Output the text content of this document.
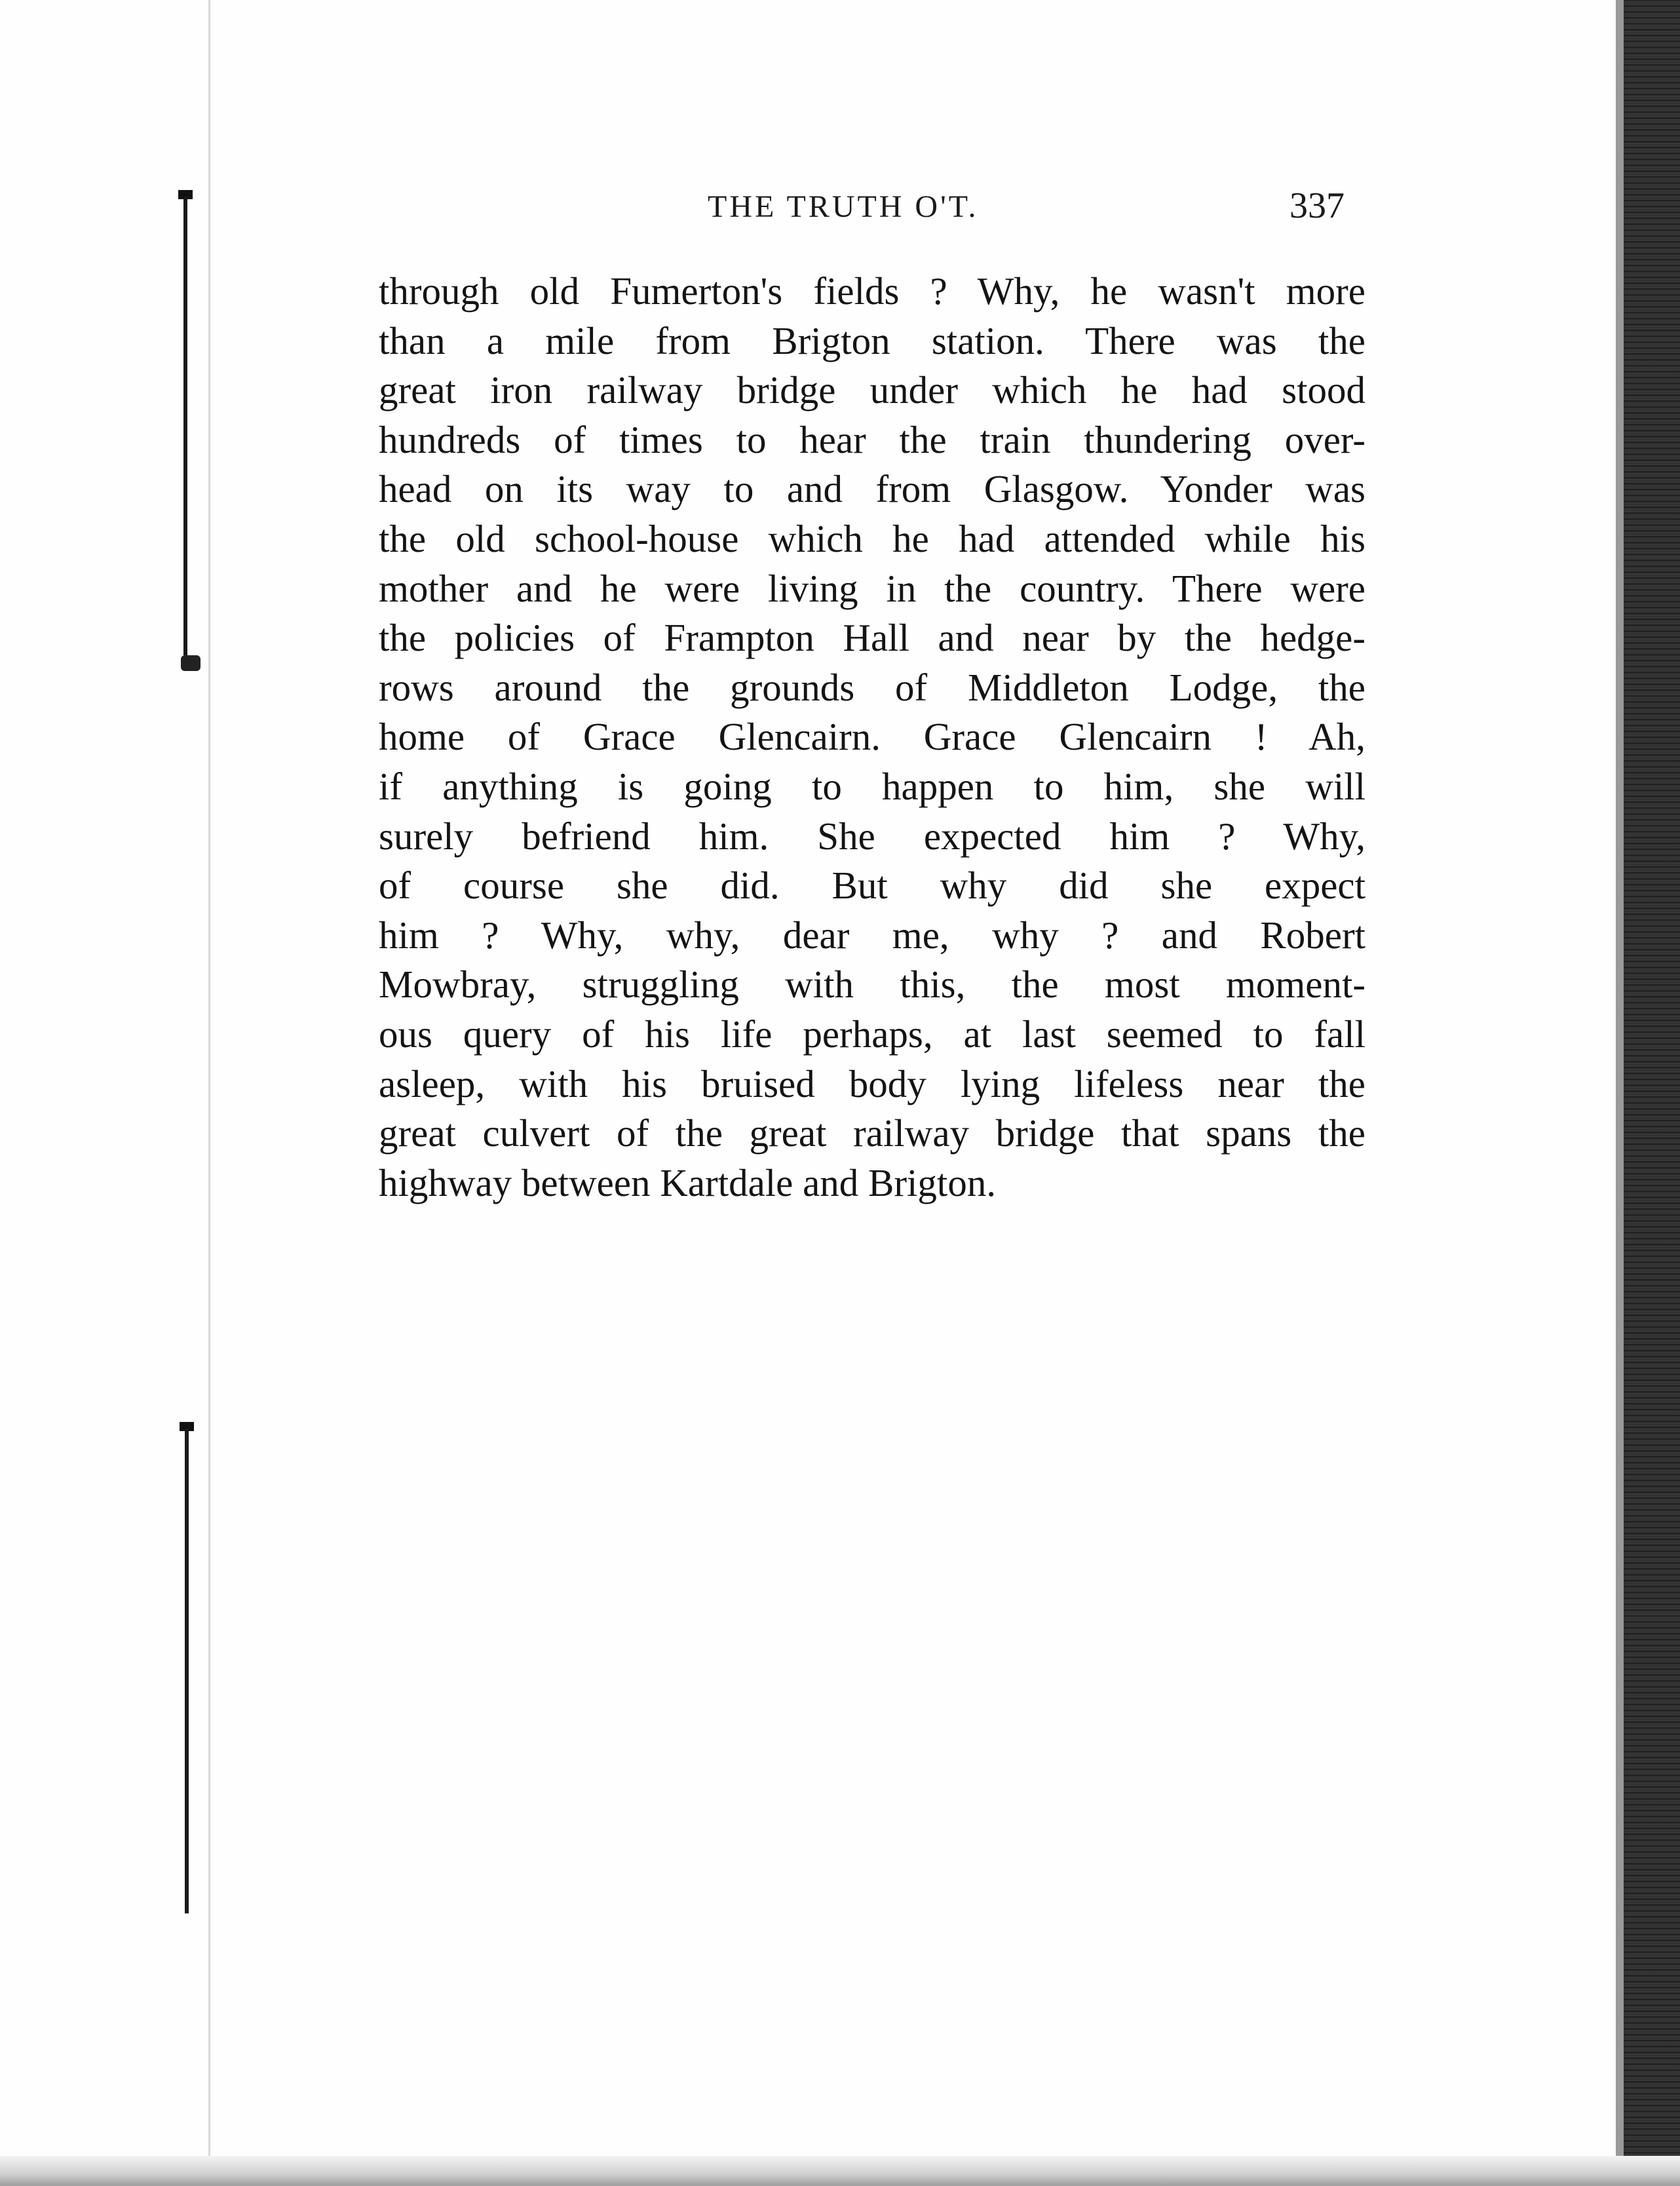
THE TRUTH O'T.	337
through old Fumerton's fields ? Why, he wasn't more
than a mile from Brigton station. There was the
great iron railway bridge under which he had stood
hundreds of times to hear the train thundering over-
head on its way to and from Glasgow. Yonder was
the old school-house which he had attended while his
mother and he were living in the country. There were
the policies of Frampton Hall and near by the hedge-
rows around the grounds of Middleton Lodge, the
home of Grace Glencairn. Grace Glencairn ! Ah,
if anything is going to happen to him, she will
surely befriend him. She expected him ? Why,
of course she did. But why did she expect
him ? Why, why, dear me, why ? and Robert
Mowbray, struggling with this, the most moment-
ous query of his life perhaps, at last seemed to fall
asleep, with his bruised body lying lifeless near the
great culvert of the great railway bridge that spans the
highway between Kartdale and Brigton.
